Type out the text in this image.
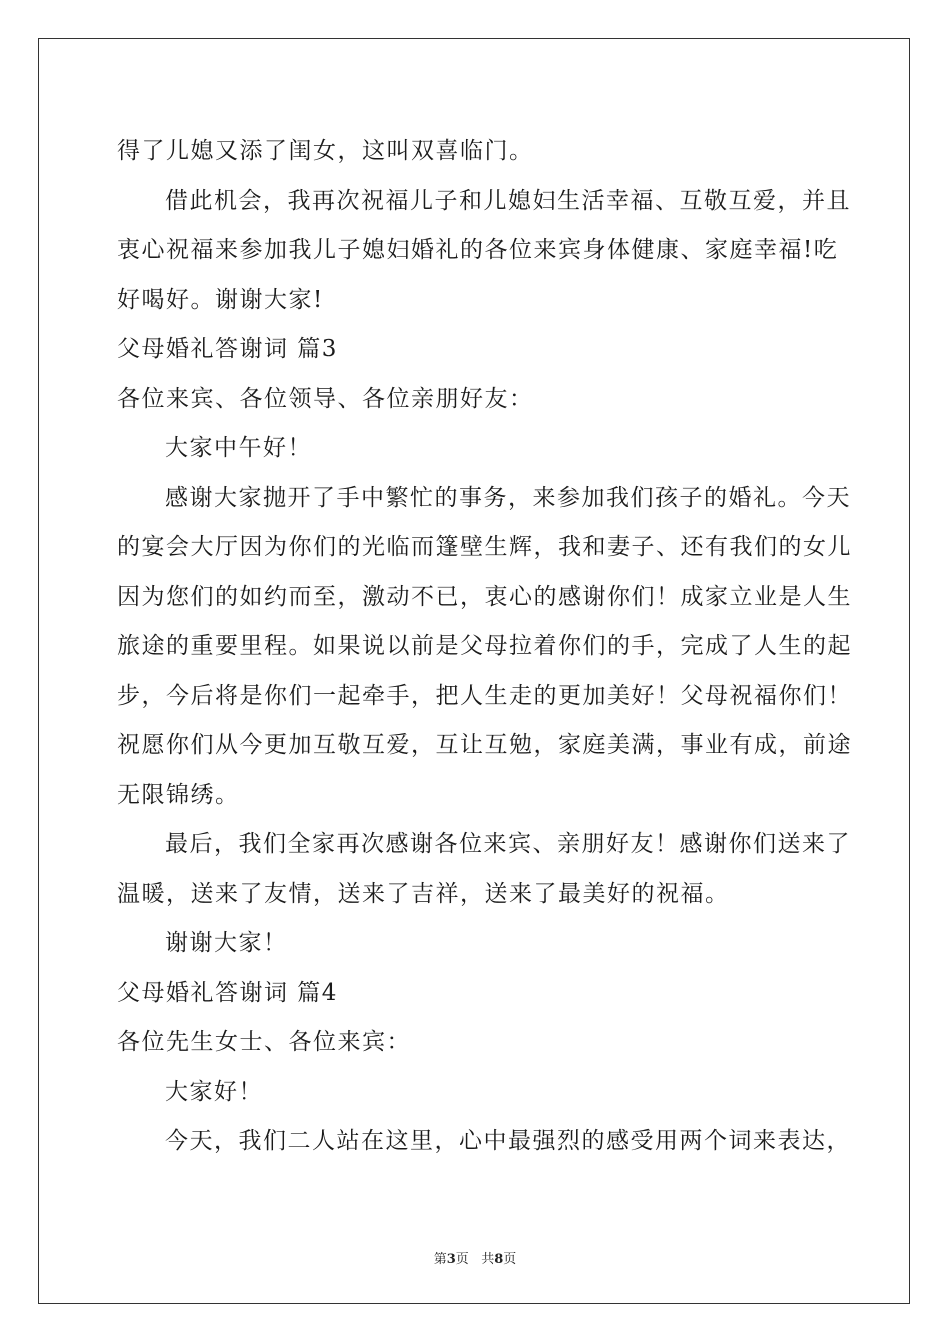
得了儿媳又添了闺女，这叫双喜临门。
借此机会，我再次祝福儿子和儿媳妇生活幸福、互敬互爱，并且
衷心祝福来参加我儿子媳妇婚礼的各位来宾身体健康、家庭幸福!吃
好喝好。谢谢大家!
父母婚礼答谢词 篇3
各位来宾、各位领导、各位亲朋好友：
大家中午好！
感谢大家抛开了手中繁忙的事务，来参加我们孩子的婚礼。今天
的宴会大厅因为你们的光临而篷壁生辉，我和妻子、还有我们的女儿
因为您们的如约而至，激动不已，衷心的感谢你们！成家立业是人生
旅途的重要里程。如果说以前是父母拉着你们的手，完成了人生的起
步，今后将是你们一起牵手，把人生走的更加美好！父母祝福你们！
祝愿你们从今更加互敬互爱，互让互勉，家庭美满，事业有成，前途
无限锦绣。
最后，我们全家再次感谢各位来宾、亲朋好友！感谢你们送来了
温暖，送来了友情，送来了吉祥，送来了最美好的祝福。
谢谢大家！
父母婚礼答谢词 篇4
各位先生女士、各位来宾：
大家好！
今天，我们二人站在这里，心中最强烈的感受用两个词来表达，
第3页 共8页
